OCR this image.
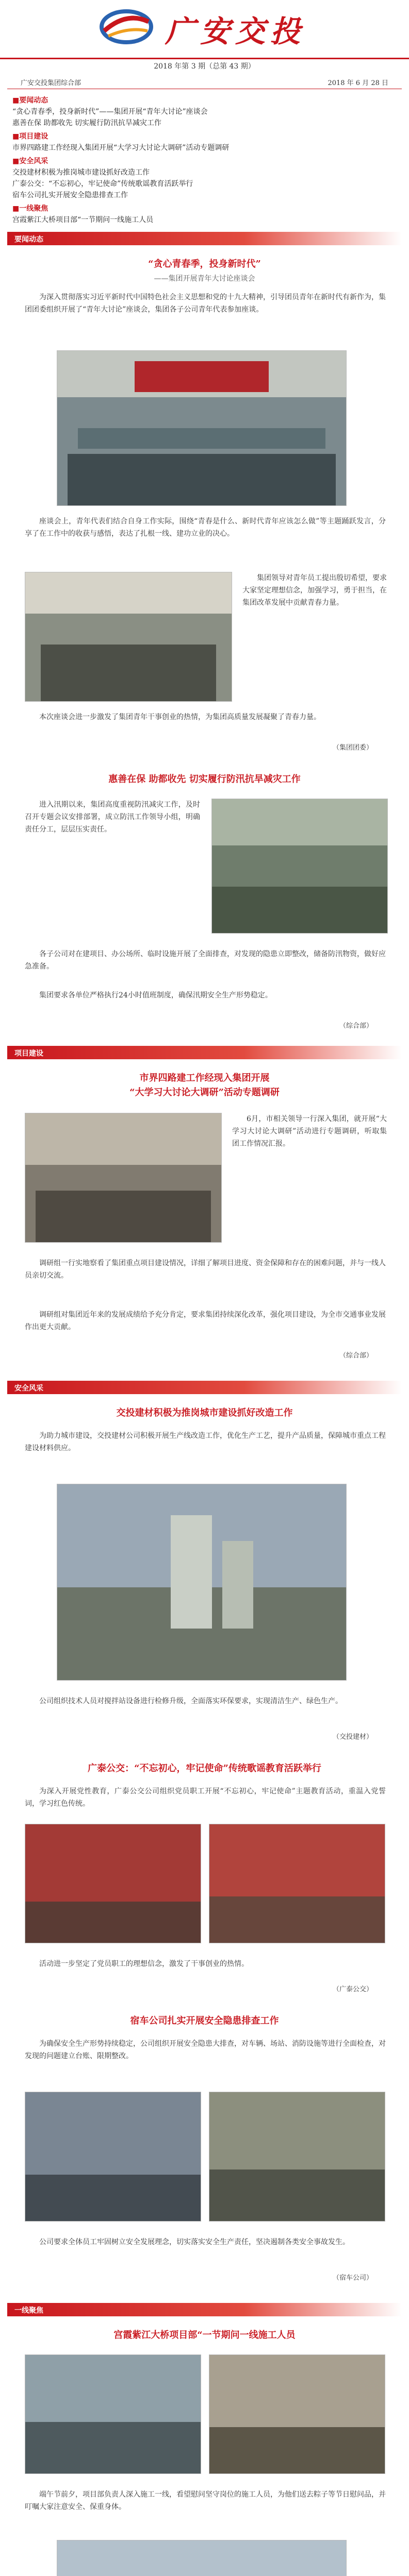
广安交投
2018 年第 3 期（总第 43 期）
广安交投集团综合部	2018 年 6 月 28 日
■要闻动态
“贪心青春季，投身新时代”——集团开展“青年大讨论”座谈会
惠善在保 助都收先 切实履行防汛抗旱减灾工作
■项目建设
市界四路建工作经现入集团开展“大学习大讨论大调研”活动专题调研
■安全风采
交投建材积极为推岗城市建设抓好改造工作
广泰公交：“不忘初心，牢记使命”传统歌谣教育活跃举行
宿车公司扎实开展安全隐患排查工作
■一线聚焦
宫霞紫江大桥项目部“一节期问一线施工人员
要闻动态
“贪心青春季，投身新时代”
——集团开展青年大讨论座谈会
为深入贯彻落实习近平新时代中国特色社会主义思想和党的十九大精神，引导团员青年在新时代有新作为，集团团委组织开展了“青年大讨论”座谈会，集团各子公司青年代表参加座谈。
座谈会上，青年代表们结合自身工作实际，围绕“青春是什么、新时代青年应该怎么做”等主题踊跃发言，分享了在工作中的收获与感悟，表达了扎根一线、建功立业的决心。
集团领导对青年员工提出殷切希望，要求大家坚定理想信念，加强学习，勇于担当，在集团改革发展中贡献青春力量。
本次座谈会进一步激发了集团青年干事创业的热情，为集团高质量发展凝聚了青春力量。
（集团团委）
惠善在保 助都收先 切实履行防汛抗旱减灾工作
进入汛期以来，集团高度重视防汛减灾工作，及时召开专题会议安排部署，成立防汛工作领导小组，明确责任分工，层层压实责任。
各子公司对在建项目、办公场所、临时设施开展了全面排查，对发现的隐患立即整改，储备防汛物资，做好应急准备。
集团要求各单位严格执行24小时值班制度，确保汛期安全生产形势稳定。
（综合部）
项目建设
市界四路建工作经现入集团开展
“大学习大讨论大调研”活动专题调研
6月，市相关领导一行深入集团，就开展“大学习大讨论大调研”活动进行专题调研，听取集团工作情况汇报。
调研组一行实地察看了集团重点项目建设情况，详细了解项目进度、资金保障和存在的困难问题，并与一线人员亲切交流。
调研组对集团近年来的发展成绩给予充分肯定，要求集团持续深化改革，强化项目建设，为全市交通事业发展作出更大贡献。
（综合部）
安全风采
交投建材积极为推岗城市建设抓好改造工作
为助力城市建设，交投建材公司积极开展生产线改造工作，优化生产工艺，提升产品质量，保障城市重点工程建设材料供应。
公司组织技术人员对搅拌站设备进行检修升级，全面落实环保要求，实现清洁生产、绿色生产。
（交投建材）
广泰公交：“不忘初心，牢记使命”传统歌谣教育活跃举行
为深入开展党性教育，广泰公交公司组织党员职工开展“不忘初心，牢记使命”主题教育活动，重温入党誓词，学习红色传统。
活动进一步坚定了党员职工的理想信念，激发了干事创业的热情。
（广泰公交）
宿车公司扎实开展安全隐患排查工作
为确保安全生产形势持续稳定，公司组织开展安全隐患大排查，对车辆、场站、消防设施等进行全面检查，对发现的问题建立台账、限期整改。
公司要求全体员工牢固树立安全发展理念，切实落实安全生产责任，坚决遏制各类安全事故发生。
（宿车公司）
一线聚焦
宫霞紫江大桥项目部“一节期问一线施工人员
端午节前夕，项目部负责人深入施工一线，看望慰问坚守岗位的施工人员，为他们送去粽子等节日慰问品，并叮嘱大家注意安全、保重身体。
